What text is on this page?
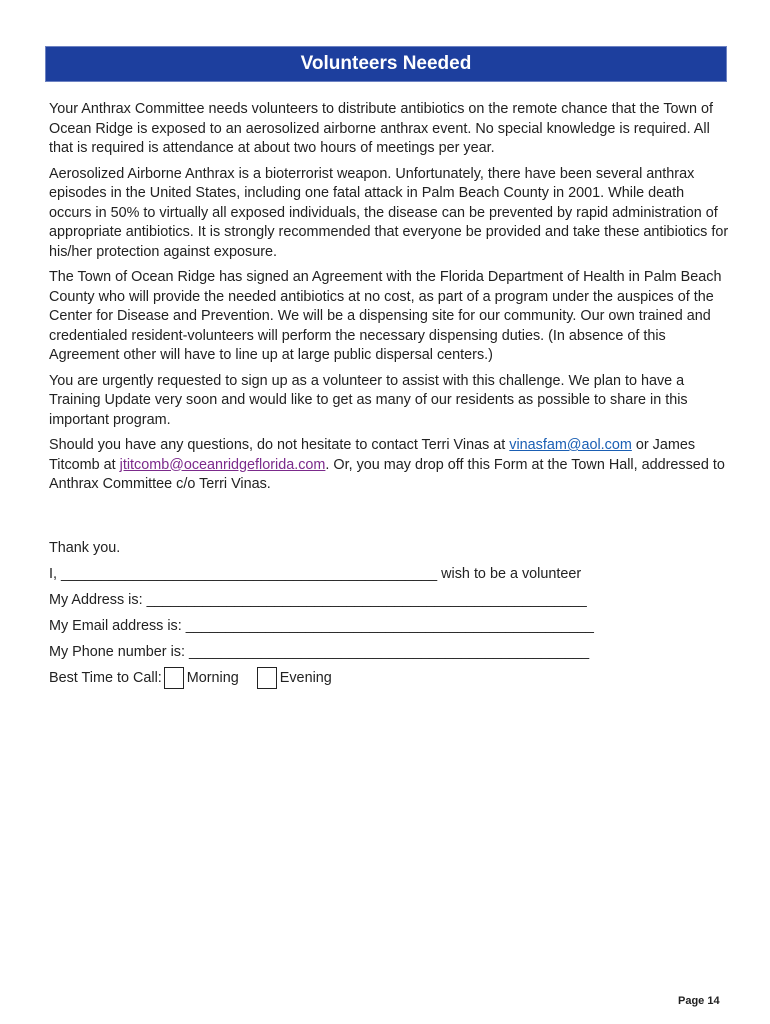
Volunteers Needed

Your Anthrax Committee needs volunteers to distribute antibiotics on the remote chance that the Town of Ocean Ridge is exposed to an aerosolized airborne anthrax event. No special knowledge is required. All that is required is attendance at about two hours of meetings per year.

Aerosolized Airborne Anthrax is a bioterrorist weapon. Unfortunately, there have been several anthrax episodes in the United States, including one fatal attack in Palm Beach County in 2001. While death occurs in 50% to virtually all exposed individuals, the disease can be prevented by rapid administration of appropriate antibiotics. It is strongly recommended that everyone be provided and take these antibiotics for his/her protection against exposure.

The Town of Ocean Ridge has signed an Agreement with the Florida Department of Health in Palm Beach County who will provide the needed antibiotics at no cost, as part of a program under the auspices of the Center for Disease and Prevention. We will be a dispensing site for our community. Our own trained and credentialed resident-volunteers will perform the necessary dispensing duties. (In absence of this Agreement other will have to line up at large public dispersal centers.)

You are urgently requested to sign up as a volunteer to assist with this challenge. We plan to have a Training Update very soon and would like to get as many of our residents as possible to share in this important program.

Should you have any questions, do not hesitate to contact Terri Vinas at vinasfam@aol.com or James Titcomb at jtitcomb@oceanridgeflorida.com. Or, you may drop off this Form at the Town Hall, addressed to Anthrax Committee c/o Terri Vinas.

Thank you.
I, _______________________________________________ wish to be a volunteer
My Address is: _______________________________________________________
My Email address is: ___________________________________________________
My Phone number is: __________________________________________________
Best Time to Call: Morning	Evening
Page 14
